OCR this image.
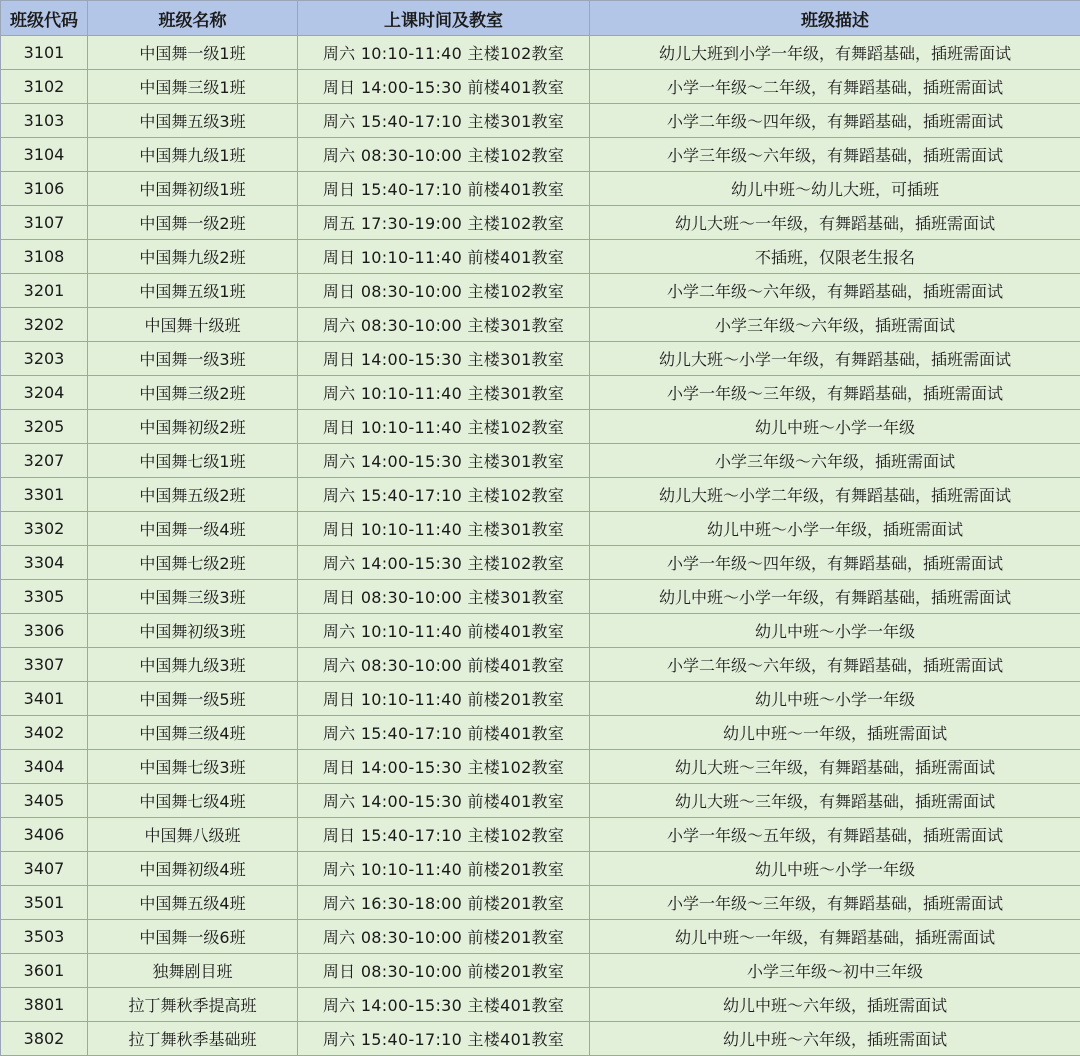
班级代码	班级名称	上课时间及教室	班级描述
3101	中国舞一级1班	周六 10:10-11:40 主楼102教室	幼儿大班到小学一年级，有舞蹈基础，插班需面试
3102	中国舞三级1班	周日 14:00-15:30 前楼401教室	小学一年级～二年级，有舞蹈基础，插班需面试
3103	中国舞五级3班	周六 15:40-17:10 主楼301教室	小学二年级～四年级，有舞蹈基础，插班需面试
3104	中国舞九级1班	周六 08:30-10:00 主楼102教室	小学三年级～六年级，有舞蹈基础，插班需面试
3106	中国舞初级1班	周日 15:40-17:10 前楼401教室	幼儿中班～幼儿大班，可插班
3107	中国舞一级2班	周五 17:30-19:00 主楼102教室	幼儿大班～一年级，有舞蹈基础，插班需面试
3108	中国舞九级2班	周日 10:10-11:40 前楼401教室	不插班，仅限老生报名
3201	中国舞五级1班	周日 08:30-10:00 主楼102教室	小学二年级～六年级，有舞蹈基础，插班需面试
3202	中国舞十级班	周六 08:30-10:00 主楼301教室	小学三年级～六年级，插班需面试
3203	中国舞一级3班	周日 14:00-15:30 主楼301教室	幼儿大班～小学一年级，有舞蹈基础，插班需面试
3204	中国舞三级2班	周六 10:10-11:40 主楼301教室	小学一年级～三年级，有舞蹈基础，插班需面试
3205	中国舞初级2班	周日 10:10-11:40 主楼102教室	幼儿中班～小学一年级
3207	中国舞七级1班	周六 14:00-15:30 主楼301教室	小学三年级～六年级，插班需面试
3301	中国舞五级2班	周六 15:40-17:10 主楼102教室	幼儿大班～小学二年级，有舞蹈基础，插班需面试
3302	中国舞一级4班	周日 10:10-11:40 主楼301教室	幼儿中班～小学一年级，插班需面试
3304	中国舞七级2班	周六 14:00-15:30 主楼102教室	小学一年级～四年级，有舞蹈基础，插班需面试
3305	中国舞三级3班	周日 08:30-10:00 主楼301教室	幼儿中班～小学一年级，有舞蹈基础，插班需面试
3306	中国舞初级3班	周六 10:10-11:40 前楼401教室	幼儿中班～小学一年级
3307	中国舞九级3班	周六 08:30-10:00 前楼401教室	小学二年级～六年级，有舞蹈基础，插班需面试
3401	中国舞一级5班	周日 10:10-11:40 前楼201教室	幼儿中班～小学一年级
3402	中国舞三级4班	周六 15:40-17:10 前楼401教室	幼儿中班～一年级，插班需面试
3404	中国舞七级3班	周日 14:00-15:30 主楼102教室	幼儿大班～三年级，有舞蹈基础，插班需面试
3405	中国舞七级4班	周六 14:00-15:30 前楼401教室	幼儿大班～三年级，有舞蹈基础，插班需面试
3406	中国舞八级班	周日 15:40-17:10 主楼102教室	小学一年级～五年级，有舞蹈基础，插班需面试
3407	中国舞初级4班	周六 10:10-11:40 前楼201教室	幼儿中班～小学一年级
3501	中国舞五级4班	周六 16:30-18:00 前楼201教室	小学一年级～三年级，有舞蹈基础，插班需面试
3503	中国舞一级6班	周六 08:30-10:00 前楼201教室	幼儿中班～一年级，有舞蹈基础，插班需面试
3601	独舞剧目班	周日 08:30-10:00 前楼201教室	小学三年级～初中三年级
3801	拉丁舞秋季提高班	周六 14:00-15:30 主楼401教室	幼儿中班～六年级，插班需面试
3802	拉丁舞秋季基础班	周六 15:40-17:10 主楼401教室	幼儿中班～六年级，插班需面试
